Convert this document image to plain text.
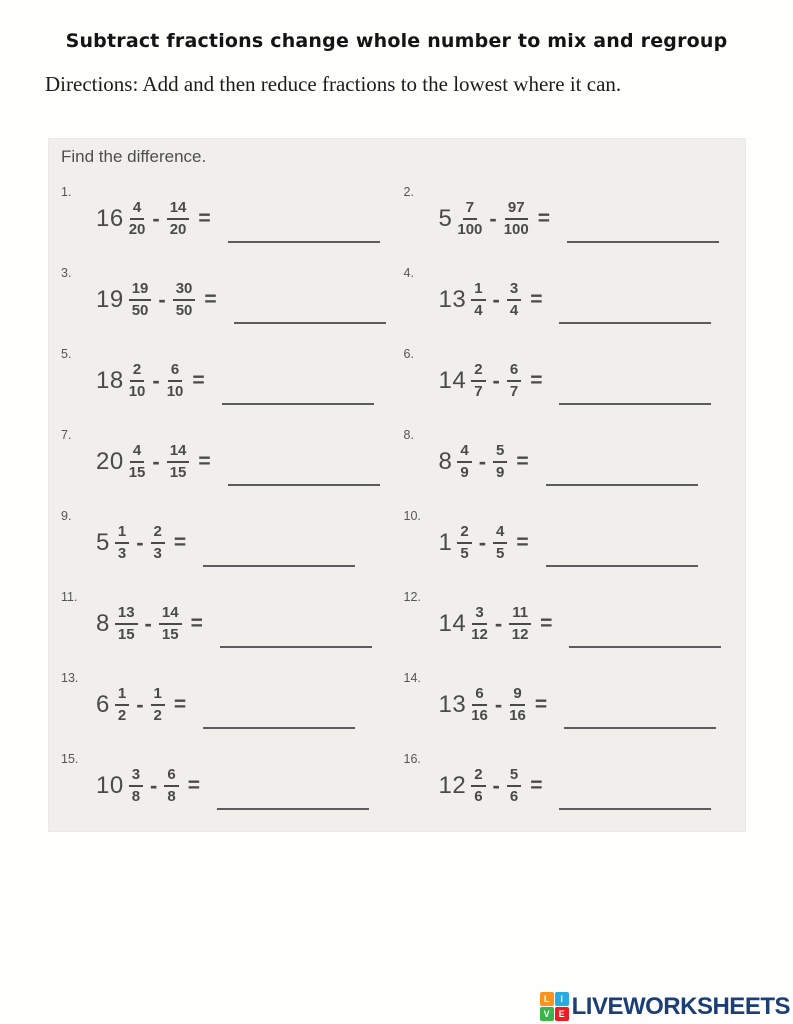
Subtract fractions change whole number to mix and regroup
Directions: Add and then reduce fractions to the lowest where it can.
Find the difference.
1.
$16 \frac{4}{20} - \frac{14}{20}$ =
2.
$5 \frac{7}{100} - \frac{97}{100}$ =
3.
$19 \frac{19}{50} - \frac{30}{50}$ =
4.
$13 \frac{1}{4} - \frac{3}{4}$ =
5.
$18 \frac{2}{10} - \frac{6}{10}$ =
6.
$14 \frac{2}{7} - \frac{6}{7}$ =
7.
$20 \frac{4}{15} - \frac{14}{15}$ =
8.
$8 \frac{4}{9} - \frac{5}{9}$ =
9.
$5 \frac{1}{3} - \frac{2}{3}$ =
10.
$1 \frac{2}{5} - \frac{4}{5}$ =
11.
$8 \frac{13}{15} - \frac{14}{15}$ =
12.
$14 \frac{3}{12} - \frac{11}{12}$ =
13.
$6 \frac{1}{2} - \frac{1}{2}$ =
14.
$13 \frac{6}{16} - \frac{9}{16}$ =
15.
$10 \frac{3}{8} - \frac{6}{8}$ =
16.
$12 \frac{2}{6} - \frac{5}{6}$ =
L	I
V E LIVEWORKSHEETS
